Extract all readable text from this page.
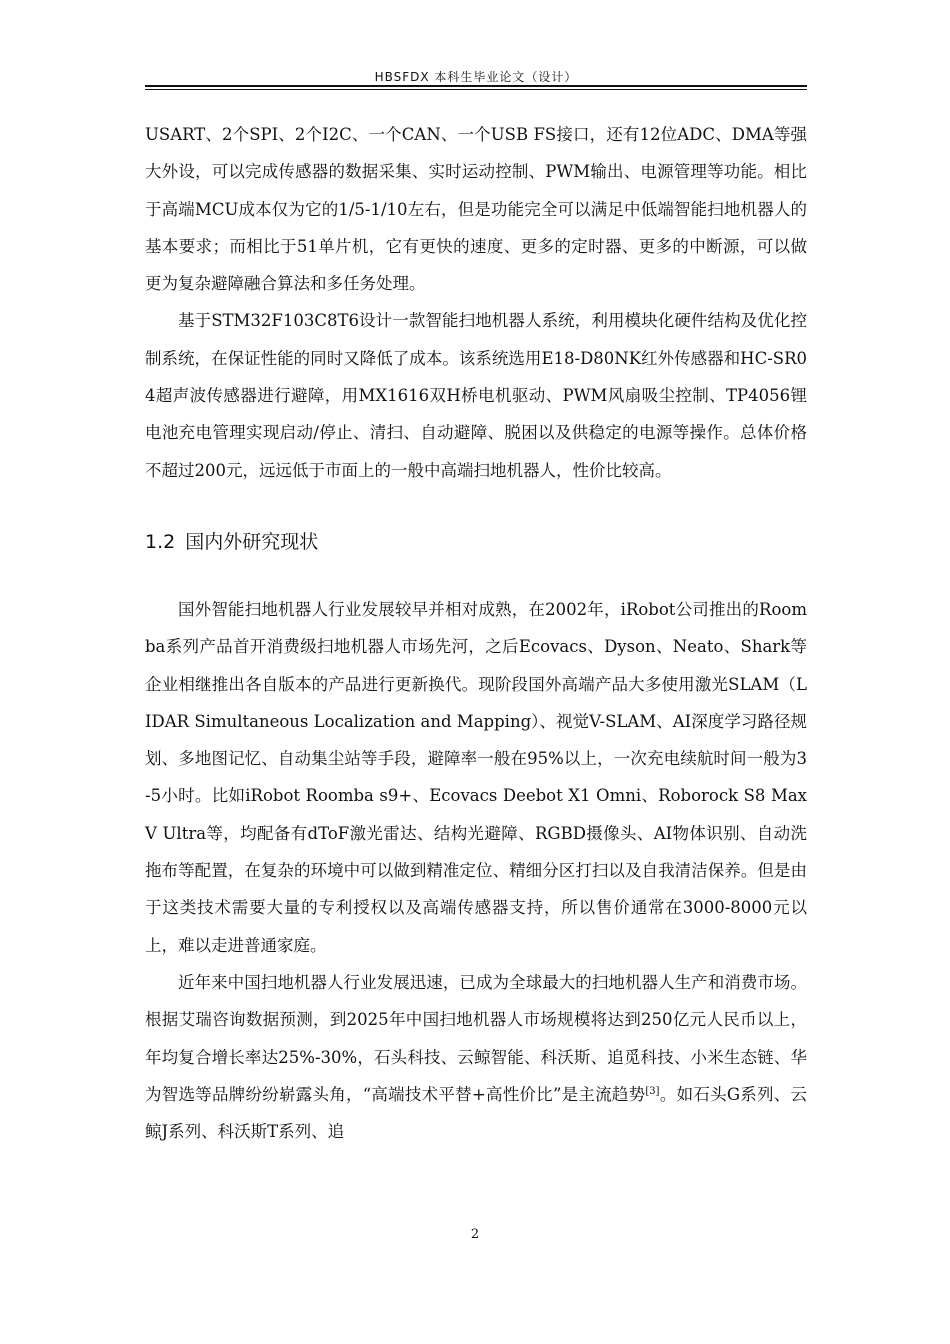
HBSFDX 本科生毕业论文（设计）

USART、2个SPI、2个I2C、一个CAN、一个USB FS接口，还有12位ADC、DMA等强大外设，可以完成传感器的数据采集、实时运动控制、PWM输出、电源管理等功能。相比于高端MCU成本仅为它的1/5-1/10左右，但是功能完全可以满足中低端智能扫地机器人的基本要求；而相比于51单片机，它有更快的速度、更多的定时器、更多的中断源，可以做更为复杂避障融合算法和多任务处理。

基于STM32F103C8T6设计一款智能扫地机器人系统，利用模块化硬件结构及优化控制系统，在保证性能的同时又降低了成本。该系统选用E18-D80NK红外传感器和HC-SR04超声波传感器进行避障，用MX1616双H桥电机驱动、PWM风扇吸尘控制、TP4056锂电池充电管理实现启动/停止、清扫、自动避障、脱困以及供稳定的电源等操作。总体价格不超过200元，远远低于市面上的一般中高端扫地机器人，性价比较高。

1.2 国内外研究现状

国外智能扫地机器人行业发展较早并相对成熟，在2002年，iRobot公司推出的Roomba系列产品首开消费级扫地机器人市场先河，之后Ecovacs、Dyson、Neato、Shark等企业相继推出各自版本的产品进行更新换代。现阶段国外高端产品大多使用激光SLAM（LIDAR Simultaneous Localization and Mapping）、视觉V-SLAM、AI深度学习路径规划、多地图记忆、自动集尘站等手段，避障率一般在95%以上，一次充电续航时间一般为3-5小时。比如iRobot Roomba s9+、Ecovacs Deebot X1 Omni、Roborock S8 MaxV Ultra等，均配备有dToF激光雷达、结构光避障、RGBD摄像头、AI物体识别、自动洗拖布等配置，在复杂的环境中可以做到精准定位、精细分区打扫以及自我清洁保养。但是由于这类技术需要大量的专利授权以及高端传感器支持，所以售价通常在3000-8000元以上，难以走进普通家庭。

近年来中国扫地机器人行业发展迅速，已成为全球最大的扫地机器人生产和消费市场。根据艾瑞咨询数据预测，到2025年中国扫地机器人市场规模将达到250亿元人民币以上，年均复合增长率达25%-30%，石头科技、云鲸智能、科沃斯、追觅科技、小米生态链、华为智选等品牌纷纷崭露头角，“高端技术平替+高性价比”是主流趋势[3]。如石头G系列、云鲸J系列、科沃斯T系列、追

2
